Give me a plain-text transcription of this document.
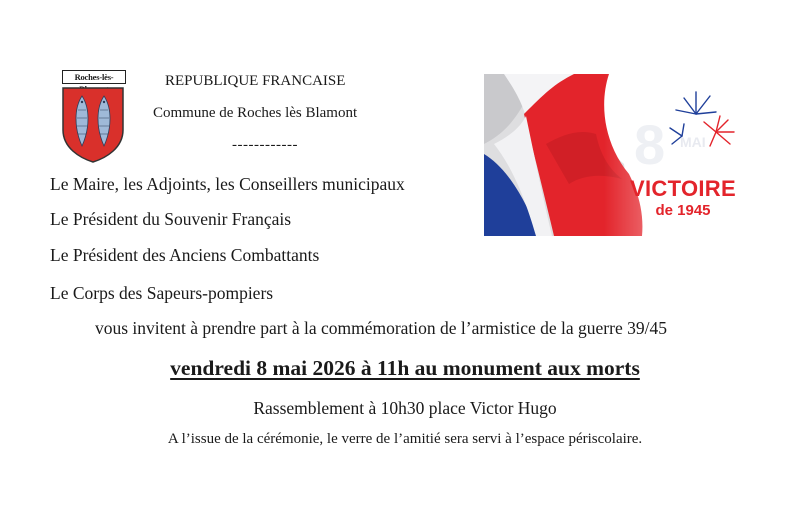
Roches-lès-	REPUBLIQUE FRANCAISE
Commune de Roches lès Blamont
------------
Le Maire, les Adjoints, les Conseillers municipaux
Le Président du Souvenir Français
Le Président des Anciens Combattants
Le Corps des Sapeurs-pompiers
vous invitent à prendre part à la commémoration de l’armistice de la guerre 39/45
vendredi 8 mai 2026 à 11h au monument aux morts
Rassemblement à 10h30 place Victor Hugo
A l’issue de la cérémonie, le verre de l’amitié sera servi à l’espace périscolaire.
8 MAI
VICTOIRE
de 1945
